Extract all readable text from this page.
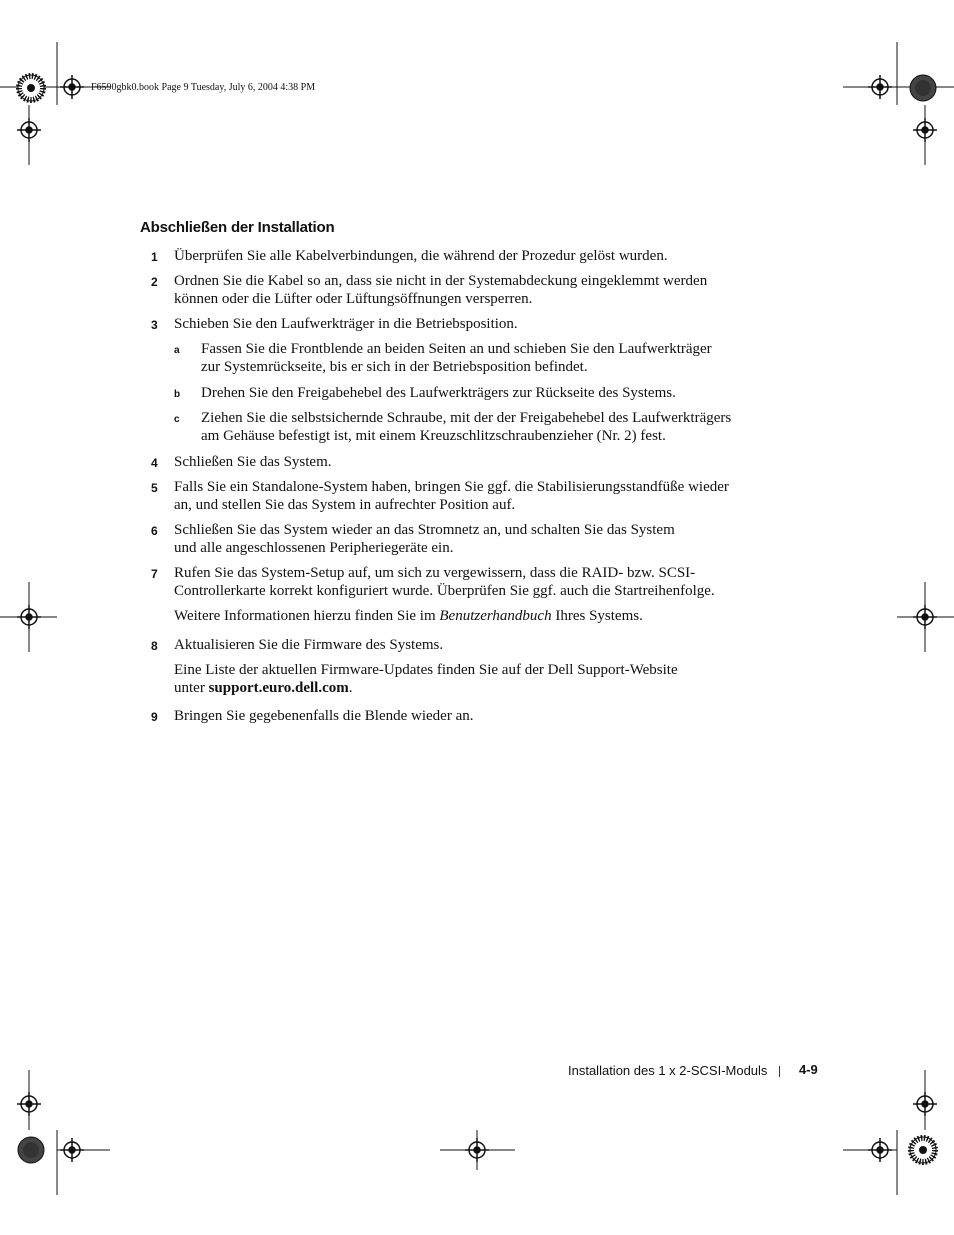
F6590gbk0.book Page 9 Tuesday, July 6, 2004 4:38 PM
Abschließen der Installation
1	Überprüfen Sie alle Kabelverbindungen, die während der Prozedur gelöst wurden.
2	Ordnen Sie die Kabel so an, dass sie nicht in der Systemabdeckung eingeklemmt werden
können oder die Lüfter oder Lüftungsöffnungen versperren.
3	Schieben Sie den Laufwerkträger in die Betriebsposition.
a Fassen Sie die Frontblende an beiden Seiten an und schieben Sie den Laufwerkträger
zur Systemrückseite, bis er sich in der Betriebsposition befindet.
b Drehen Sie den Freigabehebel des Laufwerkträgers zur Rückseite des Systems.
c Ziehen Sie die selbstsichernde Schraube, mit der der Freigabehebel des Laufwerkträgers
am Gehäuse befestigt ist, mit einem Kreuzschlitzschraubenzieher (Nr. 2) fest.
4	Schließen Sie das System.
5	Falls Sie ein Standalone-System haben, bringen Sie ggf. die Stabilisierungsstandfüße wieder
an, und stellen Sie das System in aufrechter Position auf.
6	Schließen Sie das System wieder an das Stromnetz an, und schalten Sie das System
und alle angeschlossenen Peripheriegeräte ein.
7	Rufen Sie das System-Setup auf, um sich zu vergewissern, dass die RAID- bzw. SCSI-
Controllerkarte korrekt konfiguriert wurde. Überprüfen Sie ggf. auch die Startreihenfolge.
Weitere Informationen hierzu finden Sie im Benutzerhandbuch Ihres Systems.
8	Aktualisieren Sie die Firmware des Systems.
Eine Liste der aktuellen Firmware-Updates finden Sie auf der Dell Support-Website
unter support.euro.dell.com.
9	Bringen Sie gegebenenfalls die Blende wieder an.
Installation des 1 x 2-SCSI-Moduls 4-9
